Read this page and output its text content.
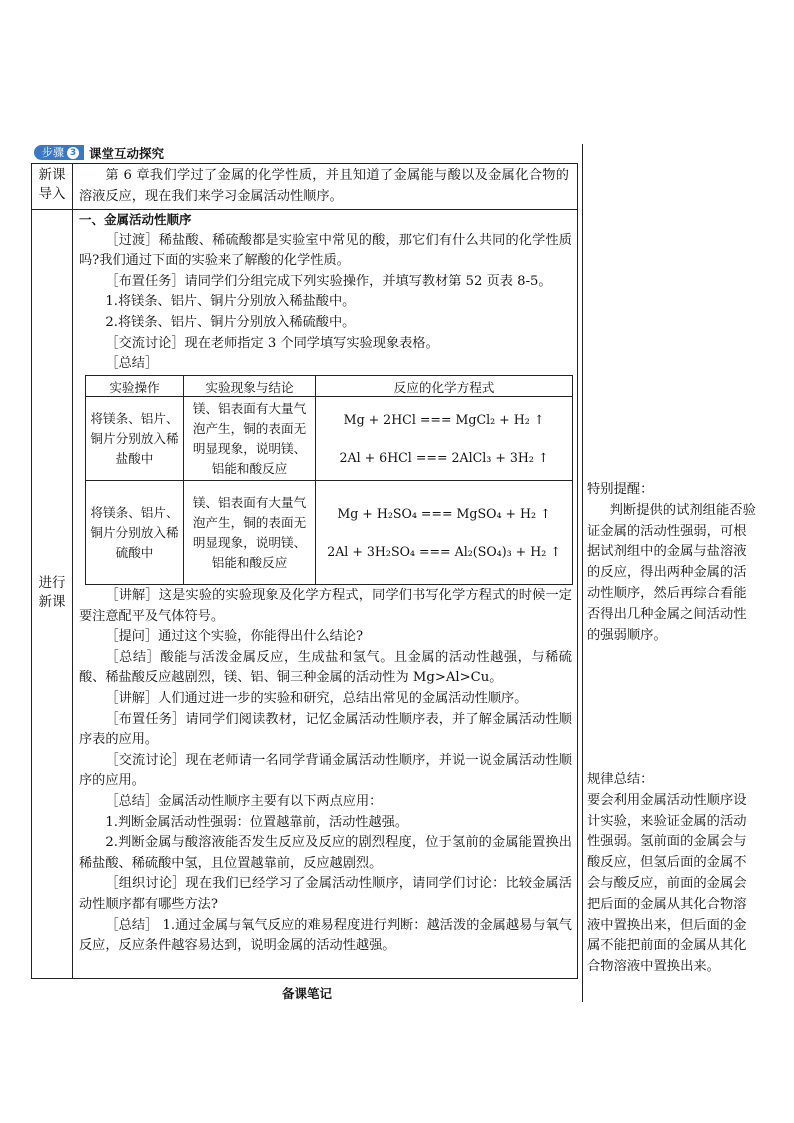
步骤 3 课堂互动探究
新课导入

第 6 章我们学过了金属的化学性质，并且知道了金属能与酸以及金属化合物的溶液反应，现在我们来学习金属活动性顺序。

进行新课

一、金属活动性顺序

［过渡］稀盐酸、稀硫酸都是实验室中常见的酸，那它们有什么共同的化学性质吗?我们通过下面的实验来了解酸的化学性质。

［布置任务］请同学们分组完成下列实验操作，并填写教材第 52 页表 8-5。

1.将镁条、铝片、铜片分别放入稀盐酸中。

2.将镁条、铝片、铜片分别放入稀硫酸中。

［交流讨论］现在老师指定 3 个同学填写实验现象表格。

［总结］

实验操作	实验现象与结论	反应的化学方程式
将镁条、铝片、铜片分别放入稀盐酸中	镁、铝表面有大量气泡产生，铜的表面无明显现象，说明镁、铝能和酸反应	Mg + 2HCl === MgCl₂ + H₂ ↑
2Al + 6HCl === 2AlCl₃ + 3H₂ ↑

将镁条、铝片、铜片分别放入稀硫酸中	镁、铝表面有大量气泡产生，铜的表面无明显现象，说明镁、铝能和酸反应	Mg + H₂SO₄ === MgSO₄ + H₂ ↑
2Al + 3H₂SO₄ === Al₂(SO₄)₃ + H₂ ↑

［讲解］这是实验的实验现象及化学方程式，同学们书写化学方程式的时候一定要注意配平及气体符号。

［提问］通过这个实验，你能得出什么结论?

［总结］酸能与活泼金属反应，生成盐和氢气。且金属的活动性越强，与稀硫酸、稀盐酸反应越剧烈，镁、铝、铜三种金属的活动性为 Mg>Al>Cu。

［讲解］人们通过进一步的实验和研究，总结出常见的金属活动性顺序。

［布置任务］请同学们阅读教材，记忆金属活动性顺序表，并了解金属活动性顺序表的应用。

［交流讨论］现在老师请一名同学背诵金属活动性顺序，并说一说金属活动性顺序的应用。

［总结］金属活动性顺序主要有以下两点应用：

1.判断金属活动性强弱：位置越靠前，活动性越强。

2.判断金属与酸溶液能否发生反应及反应的剧烈程度，位于氢前的金属能置换出稀盐酸、稀硫酸中氢，且位置越靠前，反应越剧烈。

［组织讨论］现在我们已经学习了金属活动性顺序，请同学们讨论：比较金属活动性顺序都有哪些方法?

［总结］ 1.通过金属与氧气反应的难易程度进行判断：越活泼的金属越易与氧气反应，反应条件越容易达到，说明金属的活动性越强。

特别提醒：
判断提供的试剂组能否验证金属的活动性强弱，可根据试剂组中的金属与盐溶液的反应，得出两种金属的活动性顺序，然后再综合看能否得出几种金属之间活动性的强弱顺序。
规律总结：
要会利用金属活动性顺序设计实验，来验证金属的活动性强弱。氢前面的金属会与酸反应，但氢后面的金属不会与酸反应，前面的金属会把后面的金属从其化合物溶液中置换出来，但后面的金属不能把前面的金属从其化合物溶液中置换出来。
备课笔记
